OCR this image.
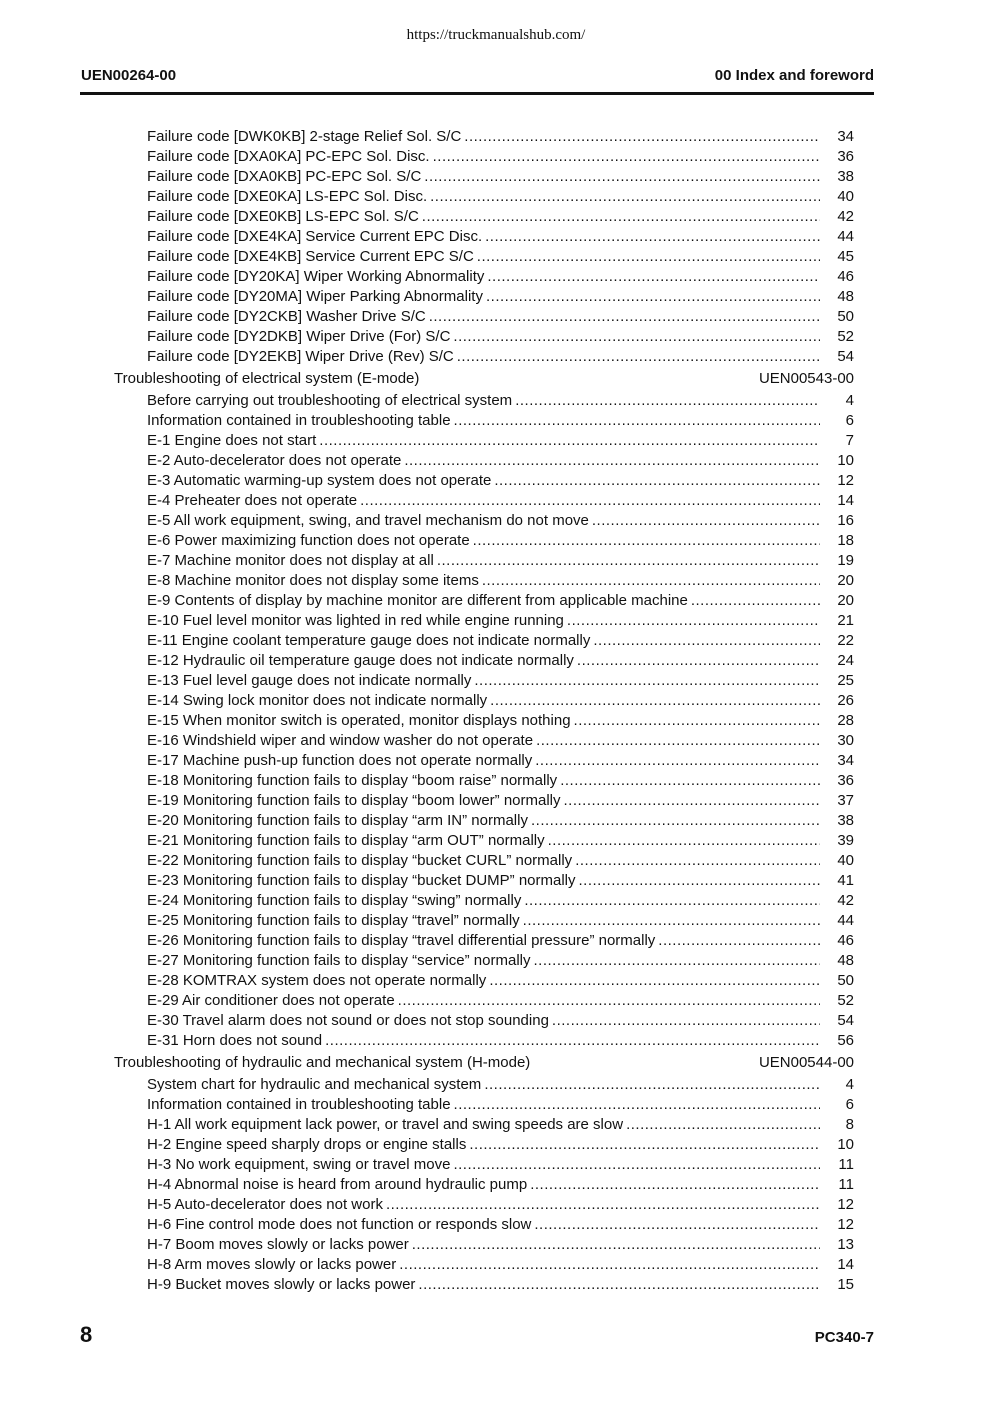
https://truckmanualshub.com/
UEN00264-00	00 Index and foreword
Failure code [DWK0KB] 2-stage Relief Sol. S/C .....	34
Failure code [DXA0KA] PC-EPC Sol. Disc. .....	36
Failure code [DXA0KB] PC-EPC Sol. S/C .....	38
Failure code [DXE0KA] LS-EPC Sol. Disc. .....	40
Failure code [DXE0KB] LS-EPC Sol. S/C .....	42
Failure code [DXE4KA] Service Current EPC Disc. .....	44
Failure code [DXE4KB] Service Current EPC S/C .....	45
Failure code [DY20KA] Wiper Working Abnormality .....	46
Failure code [DY20MA] Wiper Parking Abnormality .....	48
Failure code [DY2CKB] Washer Drive S/C .....	50
Failure code [DY2DKB] Wiper Drive (For) S/C .....	52
Failure code [DY2EKB] Wiper Drive (Rev) S/C .....	54
Troubleshooting of electrical system (E-mode)	UEN00543-00
Before carrying out troubleshooting of electrical system .....	4
Information contained in troubleshooting table .....	6
E-1 Engine does not start .....	7
E-2 Auto-decelerator does not operate .....	10
E-3 Automatic warming-up system does not operate .....	12
E-4 Preheater does not operate .....	14
E-5 All work equipment, swing, and travel mechanism do not move .....	16
E-6 Power maximizing function does not operate .....	18
E-7 Machine monitor does not display at all .....	19
E-8 Machine monitor does not display some items .....	20
E-9 Contents of display by machine monitor are different from applicable machine .....	20
E-10 Fuel level monitor was lighted in red while engine running .....	21
E-11 Engine coolant temperature gauge does not indicate normally .....	22
E-12 Hydraulic oil temperature gauge does not indicate normally .....	24
E-13 Fuel level gauge does not indicate normally .....	25
E-14 Swing lock monitor does not indicate normally .....	26
E-15 When monitor switch is operated, monitor displays nothing .....	28
E-16 Windshield wiper and window washer do not operate .....	30
E-17 Machine push-up function does not operate normally .....	34
E-18 Monitoring function fails to display “boom raise” normally .....	36
E-19 Monitoring function fails to display “boom lower” normally .....	37
E-20 Monitoring function fails to display “arm IN” normally .....	38
E-21 Monitoring function fails to display “arm OUT” normally .....	39
E-22 Monitoring function fails to display “bucket CURL” normally .....	40
E-23 Monitoring function fails to display “bucket DUMP” normally .....	41
E-24 Monitoring function fails to display “swing” normally .....	42
E-25 Monitoring function fails to display “travel” normally .....	44
E-26 Monitoring function fails to display “travel differential pressure” normally .....	46
E-27 Monitoring function fails to display “service” normally .....	48
E-28 KOMTRAX system does not operate normally .....	50
E-29 Air conditioner does not operate .....	52
E-30 Travel alarm does not sound or does not stop sounding .....	54
E-31 Horn does not sound .....	56
Troubleshooting of hydraulic and mechanical system (H-mode)	UEN00544-00
System chart for hydraulic and mechanical system .....	4
Information contained in troubleshooting table .....	6
H-1 All work equipment lack power, or travel and swing speeds are slow .....	8
H-2 Engine speed sharply drops or engine stalls .....	10
H-3 No work equipment, swing or travel move .....	11
H-4 Abnormal noise is heard from around hydraulic pump .....	11
H-5 Auto-decelerator does not work .....	12
H-6 Fine control mode does not function or responds slow .....	12
H-7 Boom moves slowly or lacks power .....	13
H-8 Arm moves slowly or lacks power .....	14
H-9 Bucket moves slowly or lacks power .....	15
8	PC340-7
